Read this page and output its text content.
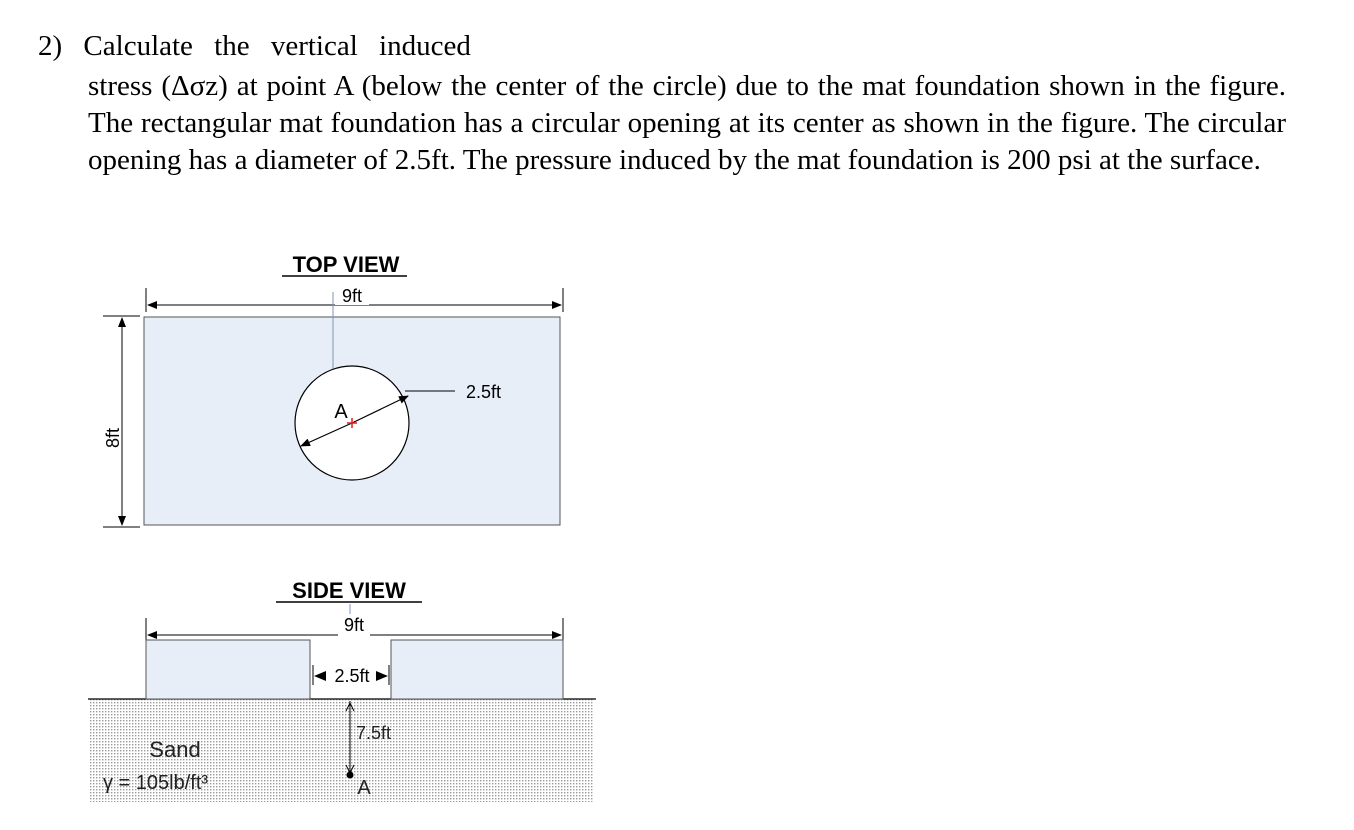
2) Calculate the vertical induced
stress (Δσz) at point A (below the center of the circle) due to the mat foundation shown in the figure. The rectangular mat foundation has a circular opening at its center as shown in the figure. The circular opening has a diameter of 2.5ft. The pressure induced by the mat foundation is 200 psi at the surface.
TOP VIEW
9ft
8ft
2.5ft
A
SIDE VIEW
9ft
2.5ft
7.5ft
A
Sand
γ = 105lb/ft³
